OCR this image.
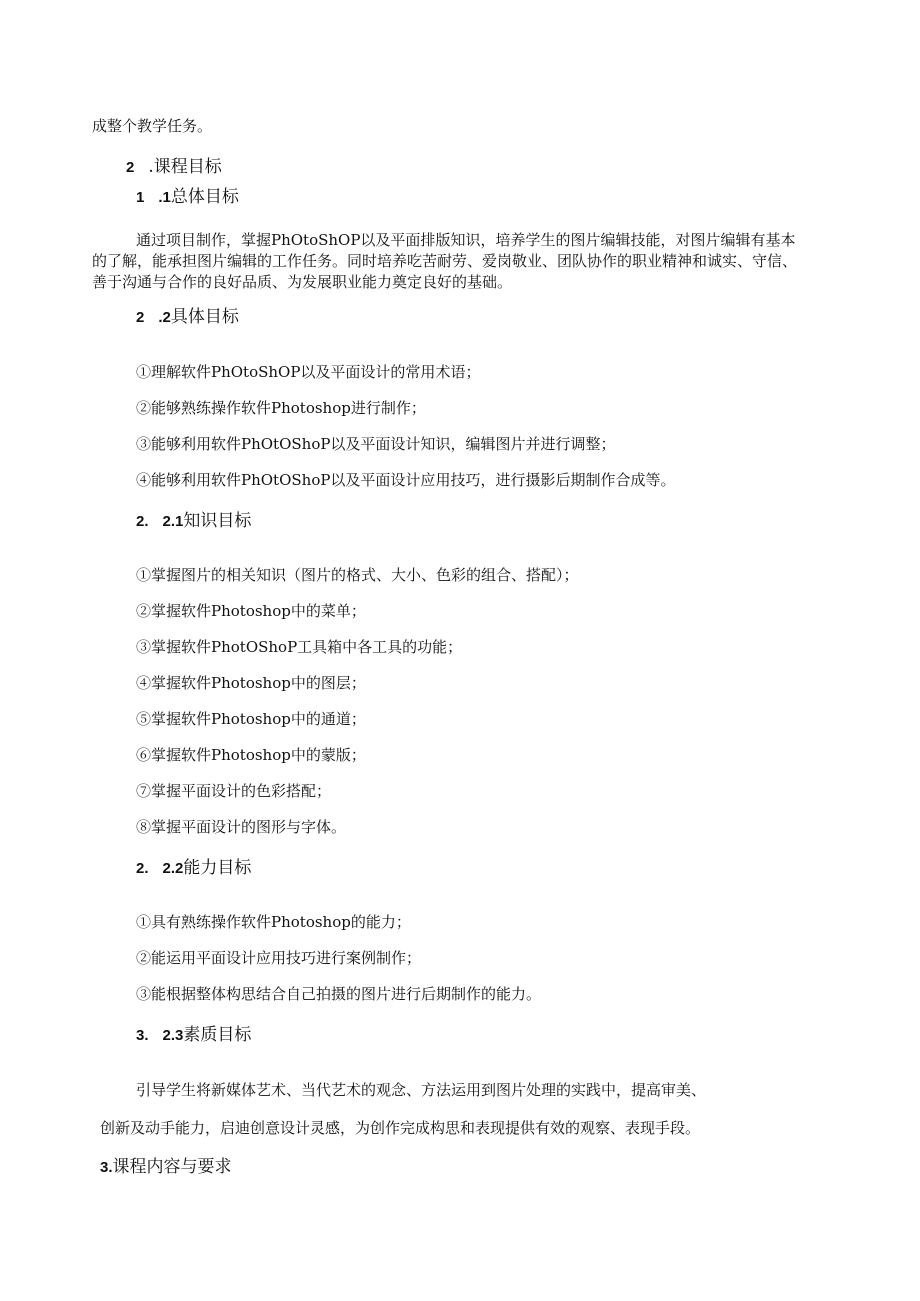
成整个教学任务。
2 .课程目标
1 .1总体目标
通过项目制作，掌握PhOtoShOP以及平面排版知识，培养学生的图片编辑技能，对图片编辑有基本
的了解，能承担图片编辑的工作任务。同时培养吃苦耐劳、爱岗敬业、团队协作的职业精神和诚实、守信、
善于沟通与合作的良好品质、为发展职业能力奠定良好的基础。
2 .2具体目标
①理解软件PhOtoShOP以及平面设计的常用术语；
②能够熟练操作软件Photoshop进行制作；
③能够利用软件PhOtOShoP以及平面设计知识，编辑图片并进行调整；
④能够利用软件PhOtOShoP以及平面设计应用技巧，进行摄影后期制作合成等。
2. 2.1知识目标
①掌握图片的相关知识（图片的格式、大小、色彩的组合、搭配）；
②掌握软件Photoshop中的菜单；
③掌握软件PhotOShoP工具箱中各工具的功能；
④掌握软件Photoshop中的图层；
⑤掌握软件Photoshop中的通道；
⑥掌握软件Photoshop中的蒙版；
⑦掌握平面设计的色彩搭配；
⑧掌握平面设计的图形与字体。
2. 2.2能力目标
①具有熟练操作软件Photoshop的能力；
②能运用平面设计应用技巧进行案例制作；
③能根据整体构思结合自己拍摄的图片进行后期制作的能力。
3. 2.3素质目标
引导学生将新媒体艺术、当代艺术的观念、方法运用到图片处理的实践中，提高审美、
创新及动手能力，启迪创意设计灵感，为创作完成构思和表现提供有效的观察、表现手段。
3.课程内容与要求
